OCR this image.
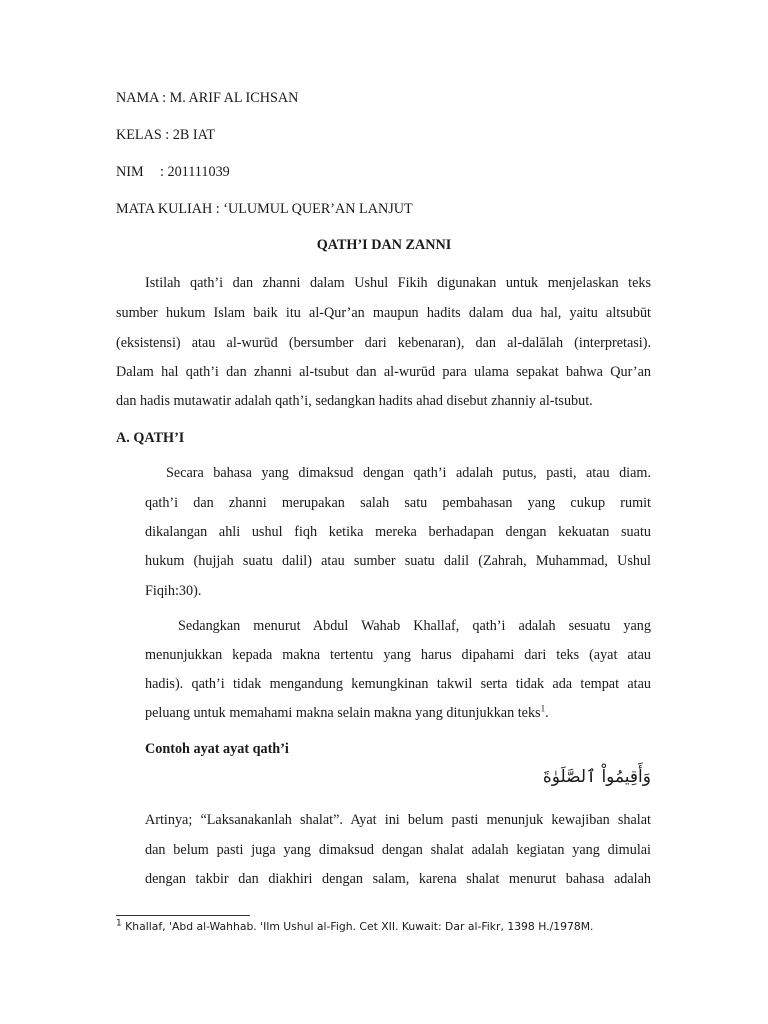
NAMA : M. ARIF AL ICHSAN
KELAS : 2B IAT
NIM : 201111039
MATA KULIAH : ‘ULUMUL QUER’AN LANJUT
QATH’I DAN ZANNI
Istilah qath’i dan zhanni dalam Ushul Fikih digunakan untuk menjelaskan teks
sumber hukum Islam baik itu al-Qur’an maupun hadits dalam dua hal, yaitu altsubūt
(eksistensi) atau al-wurūd (bersumber dari kebenaran), dan al-dalālah (interpretasi).
Dalam hal qath’i dan zhanni al-tsubut dan al-wurūd para ulama sepakat bahwa Qur’an
dan hadis mutawatir adalah qath’i, sedangkan hadits ahad disebut zhanniy al-tsubut.
A. QATH’I
Secara bahasa yang dimaksud dengan qath’i adalah putus, pasti, atau diam.
qath’i dan zhanni merupakan salah satu pembahasan yang cukup rumit
dikalangan ahli ushul fiqh ketika mereka berhadapan dengan kekuatan suatu
hukum (hujjah suatu dalil) atau sumber suatu dalil (Zahrah, Muhammad, Ushul
Fiqih:30).
Sedangkan menurut Abdul Wahab Khallaf, qath’i adalah sesuatu yang
menunjukkan kepada makna tertentu yang harus dipahami dari teks (ayat atau
hadis). qath’i tidak mengandung kemungkinan takwil serta tidak ada tempat atau
peluang untuk memahami makna selain makna yang ditunjukkan teks$^1$.
Contoh ayat ayat qath’i
وَأَقِيمُواْ ٱلصَّلَوٰةَ
Artinya; “Laksanakanlah shalat”. Ayat ini belum pasti menunjuk kewajiban shalat
dan belum pasti juga yang dimaksud dengan shalat adalah kegiatan yang dimulai
dengan takbir dan diakhiri dengan salam, karena shalat menurut bahasa adalah
$^1$ Khallaf, 'Abd al-Wahhab. 'Ilm Ushul al-Figh. Cet XII. Kuwait: Dar al-Fikr, 1398 H./1978M.
